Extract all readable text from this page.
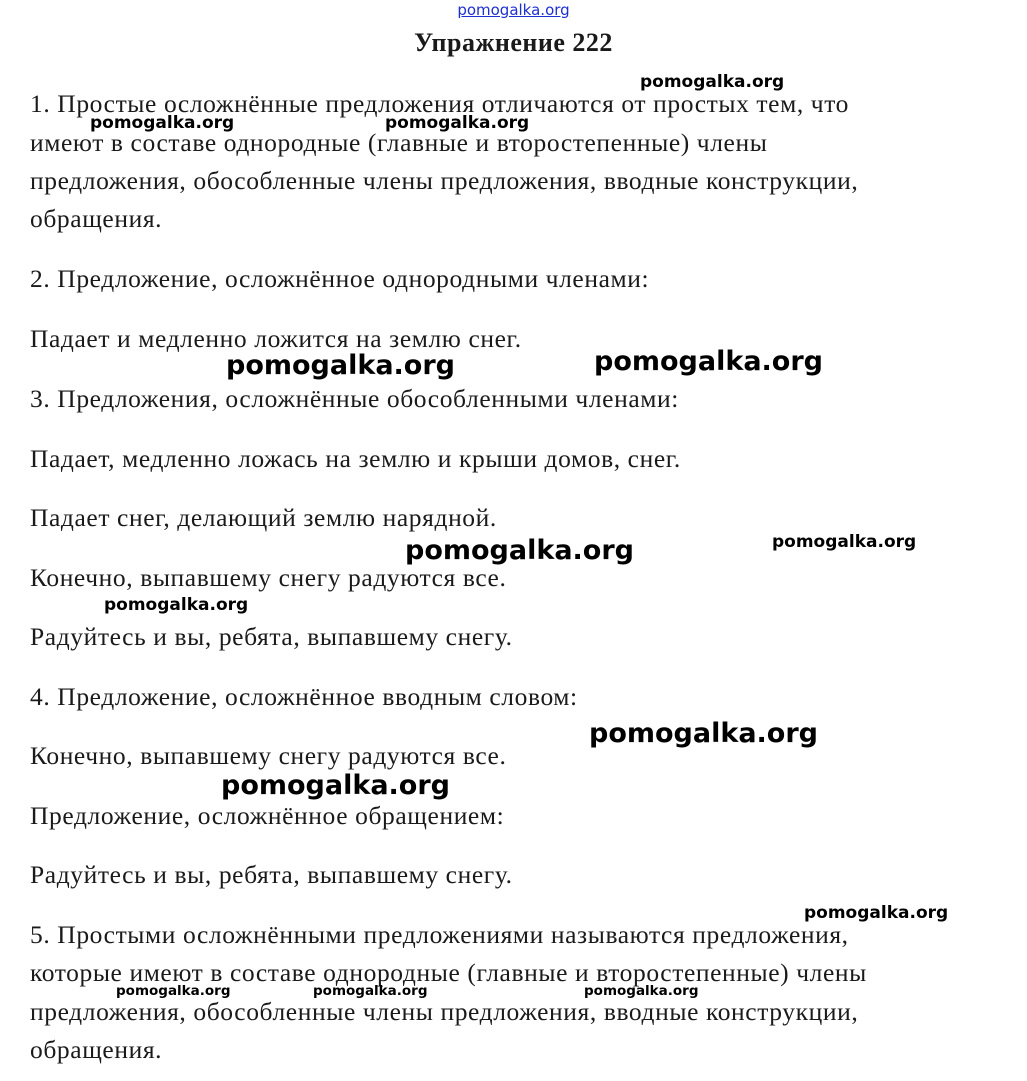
pomogalka.org
Упражнение 222
1. Простые осложнённые предложения отличаются от простых тем, что
имеют в составе однородные (главные и второстепенные) члены
предложения, обособленные члены предложения, вводные конструкции,
обращения.
2. Предложение, осложнённое однородными членами:
Падает и медленно ложится на землю снег.
3. Предложения, осложнённые обособленными членами:
Падает, медленно ложась на землю и крыши домов, снег.
Падает снег, делающий землю нарядной.
Конечно, выпавшему снегу радуются все.
Радуйтесь и вы, ребята, выпавшему снегу.
4. Предложение, осложнённое вводным словом:
Конечно, выпавшему снегу радуются все.
Предложение, осложнённое обращением:
Радуйтесь и вы, ребята, выпавшему снегу.
5. Простыми осложнёнными предложениями называются предложения,
которые имеют в составе однородные (главные и второстепенные) члены
предложения, обособленные члены предложения, вводные конструкции,
обращения.
pomogalka.org
pomogalka.org	pomogalka.org
pomogalka.org	pomogalka.org
pomogalka.org	pomogalka.org
pomogalka.org
pomogalka.org
pomogalka.org
pomogalka.org
pomogalka.org	pomogalka.org	pomogalka.org
